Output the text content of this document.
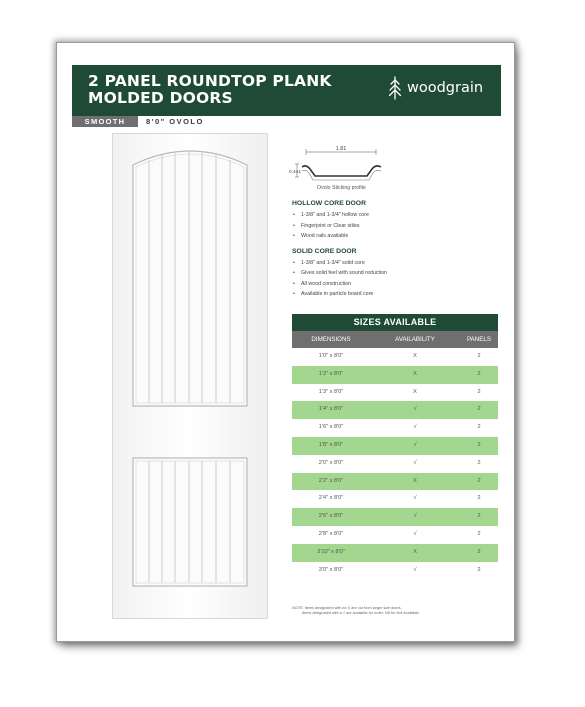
2 PANEL ROUNDTOP PLANK
MOLDED DOORS
woodgrain
SMOOTH	8'0" OVOLO
1.81
0.441
Ovolo Sticking profile
HOLLOW CORE DOOR
• 1-3/8" and 1-3/4" hollow core
• Fingerjoint or Clear stiles
• Wood rails available
SOLID CORE DOOR
• 1-3/8" and 1-3/4" solid core
• Gives solid feel with sound reduction
• All wood construction
• Available in particle board core
SIZES AVAILABLE
DIMENSIONS	AVAILABILITY	PANELS
1'0" x 8'0"	X	2
1'2" x 8'0"	X	2
1'3" x 8'0"	X	2
1'4" x 8'0"	√	2
1'6" x 8'0"	√	2
1'8" x 8'0"	√	2
2'0" x 8'0"	√	2
2'2" x 8'0"	X	2
2'4" x 8'0"	√	2
2'6" x 8'0"	√	2
2'8" x 8'0"	√	2
2'10" x 8'0"	X	2
3'0" x 8'0"	√	2
NOTE: Items designated with an X are cut from larger size doors.
Items designated with a √ are available for order. NA for Not Available.
